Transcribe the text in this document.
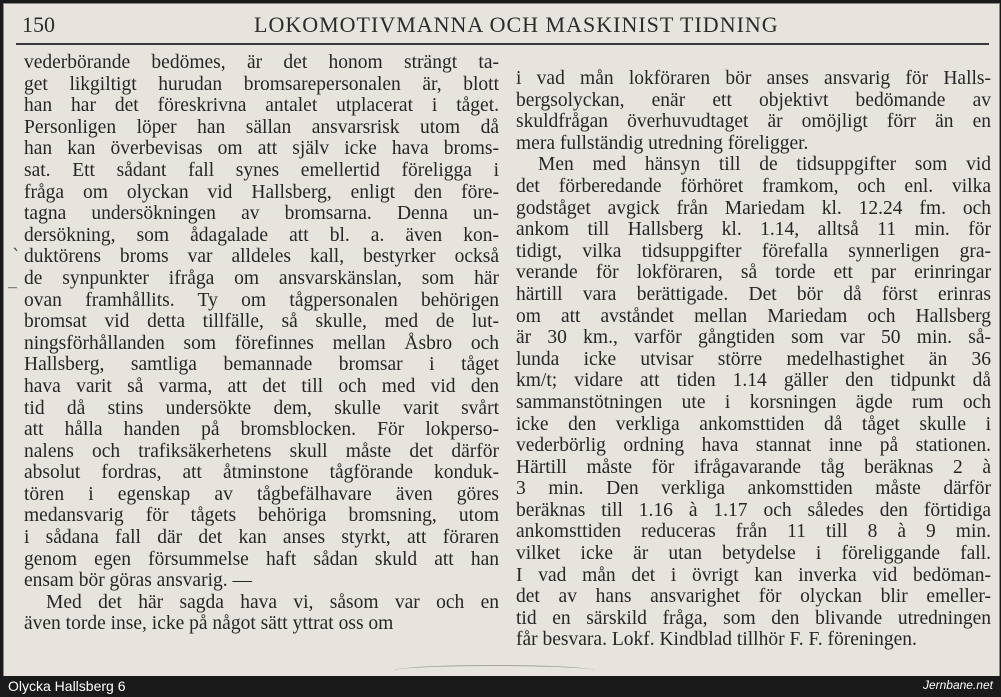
150	LOKOMOTIVMANNA OCH MASKINIST TIDNING
vederbörande bedömes, är det honom strängt ta-
get likgiltigt hurudan bromsarepersonalen är, blott
han har det föreskrivna antalet utplacerat i tåget.
Personligen löper han sällan ansvarsrisk utom då
han kan överbevisas om att själv icke hava broms-
sat. Ett sådant fall synes emellertid föreligga i
fråga om olyckan vid Hallsberg, enligt den före-
tagna undersökningen av bromsarna. Denna un-
dersökning, som ådagalade att bl. a. även kon-
duktörens broms var alldeles kall, bestyrker också
de synpunkter ifråga om ansvarskänslan, som här
ovan framhållits. Ty om tågpersonalen behörigen
bromsat vid detta tillfälle, så skulle, med de lut-
ningsförhållanden som förefinnes mellan Åsbro och
Hallsberg, samtliga bemannade bromsar i tåget
hava varit så varma, att det till och med vid den
tid då stins undersökte dem, skulle varit svårt
att hålla handen på bromsblocken. För lokperso-
nalens och trafiksäkerhetens skull måste det därför
absolut fordras, att åtminstone tågförande konduk-
tören i egenskap av tågbefälhavare även göres
medansvarig för tågets behöriga bromsning, utom
i sådana fall där det kan anses styrkt, att föraren
genom egen försummelse haft sådan skuld att han
ensam bör göras ansvarig. —
Med det här sagda hava vi, såsom var och en
även torde inse, icke på något sätt yttrat oss om
i vad mån lokföraren bör anses ansvarig för Halls-
bergsolyckan, enär ett objektivt bedömande av
skuldfrågan överhuvudtaget är omöjligt förr än en
mera fullständig utredning föreligger.
Men med hänsyn till de tidsuppgifter som vid
det förberedande förhöret framkom, och enl. vilka
godståget avgick från Mariedam kl. 12.24 fm. och
ankom till Hallsberg kl. 1.14, alltså 11 min. för
tidigt, vilka tidsuppgifter förefalla synnerligen gra-
verande för lokföraren, så torde ett par erinringar
härtill vara berättigade. Det bör då först erinras
om att avståndet mellan Mariedam och Hallsberg
är 30 km., varför gångtiden som var 50 min. så-
lunda icke utvisar större medelhastighet än 36
km/t; vidare att tiden 1.14 gäller den tidpunkt då
sammanstötningen ute i korsningen ägde rum och
icke den verkliga ankomsttiden då tåget skulle i
vederbörlig ordning hava stannat inne på stationen.
Härtill måste för ifrågavarande tåg beräknas 2 à
3 min. Den verkliga ankomsttiden måste därför
beräknas till 1.16 à 1.17 och således den förtidiga
ankomsttiden reduceras från 11 till 8 à 9 min.
vilket icke är utan betydelse i föreliggande fall.
I vad mån det i övrigt kan inverka vid bedöman-
det av hans ansvarighet för olyckan blir emeller-
tid en särskild fråga, som den blivande utredningen
får besvara. Lokf. Kindblad tillhör F. F. föreningen.
`
_
Olycka Hallsberg 6	Jernbane.net
